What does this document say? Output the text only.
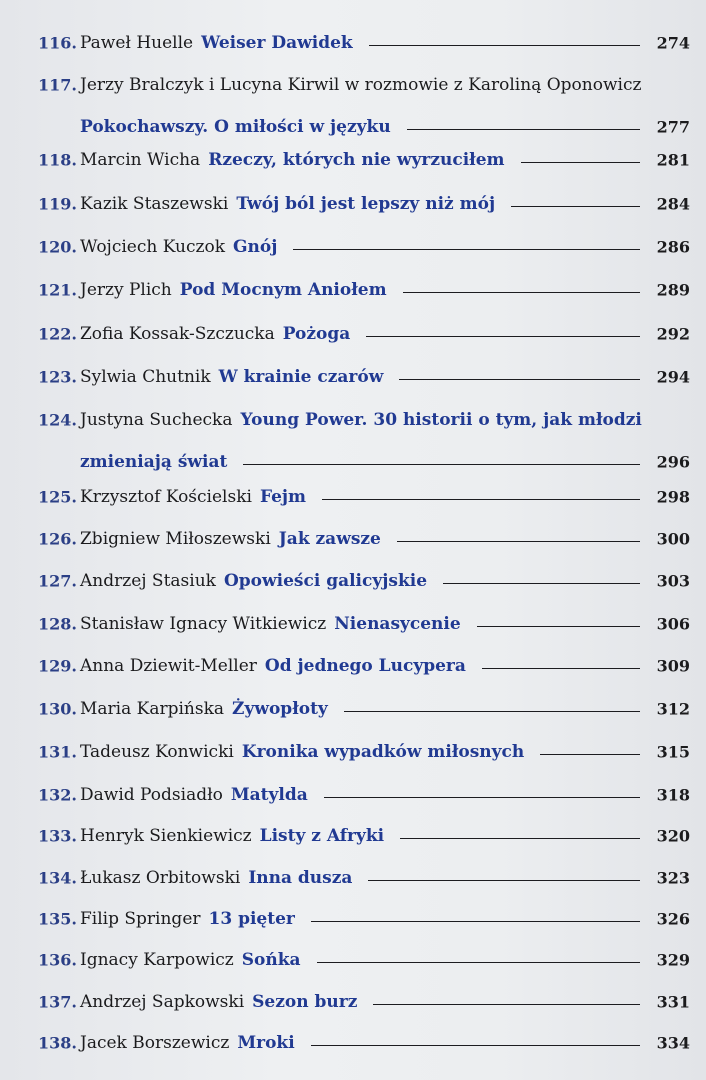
116. Paweł Huelle Weiser Dawidek	274
117. Jerzy Bralczyk i Lucyna Kirwil w rozmowie z Karoliną Oponowicz
Pokochawszy. O miłości w języku	277
118. Marcin Wicha Rzeczy, których nie wyrzuciłem	281
119. Kazik Staszewski Twój ból jest lepszy niż mój	284
120. Wojciech Kuczok Gnój	286
121. Jerzy Plich Pod Mocnym Aniołem	289
122. Zofia Kossak-Szczucka Pożoga	292
123. Sylwia Chutnik W krainie czarów	294
124. Justyna Suchecka Young Power. 30 historii o tym, jak młodzi
zmieniają świat	296
125. Krzysztof Kościelski Fejm	298
126. Zbigniew Miłoszewski Jak zawsze	300
127. Andrzej Stasiuk Opowieści galicyjskie	303
128. Stanisław Ignacy Witkiewicz Nienasycenie	306
129. Anna Dziewit-Meller Od jednego Lucypera	309
130. Maria Karpińska Żywopłoty	312
131. Tadeusz Konwicki Kronika wypadków miłosnych	315
132. Dawid Podsiadło Matylda	318
133. Henryk Sienkiewicz Listy z Afryki	320
134. Łukasz Orbitowski Inna dusza	323
135. Filip Springer 13 pięter	326
136. Ignacy Karpowicz Sońka	329
137. Andrzej Sapkowski Sezon burz	331
138. Jacek Borszewicz Mroki	334
